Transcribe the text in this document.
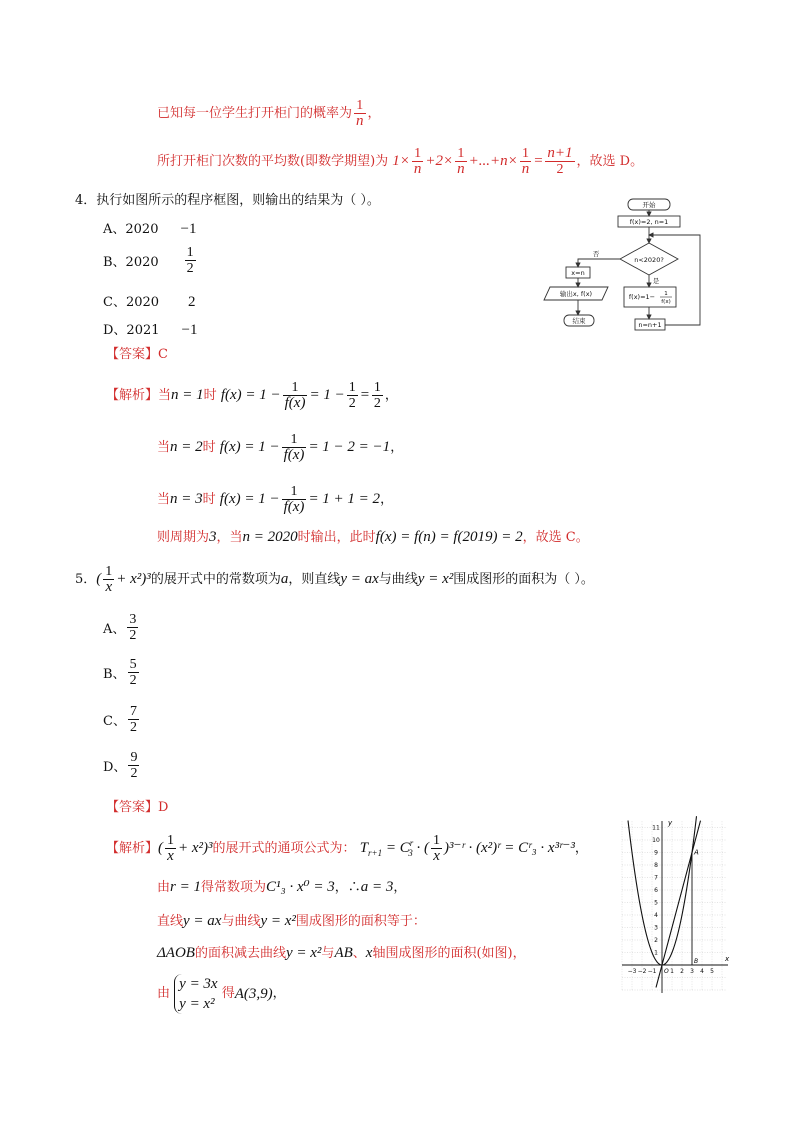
已知每一位学生打开柜门的概率为 $\frac{1}{n}$ ，
所打开柜门次数的平均数(即数学期望)为 $1\times \frac{1}{n} +2\times \frac{1}{n} +...+n\times \frac{1}{n} = \frac{n+1}{2}$ ，故选 D。
4．执行如图所示的程序框图，则输出的结果为（ ）。
A、2020 −1
B、$2020 \frac{1}{2}$
C、2020 2
D、2021 −1
开始
f(x)=2, n=1
n<2020?
否
是
x=n
输出x, f(x)
结束
f(x)=1− 1
f(x)
n=n+1
【答案】C
【解析】当n = 1时 $f(x) = 1 - \frac{1}{f(x)} = 1 - \frac{1}{2} = \frac{1}{2}$ ，
当n = 2时 $f(x) = 1 - \frac{1}{f(x)} = 1 - 2 = -1$，
当n = 3时 $f(x) = 1 - \frac{1}{f(x)} = 1 + 1 = 2$，
则周期为3，当n = 2020时输出，此时f(x) = f(n) = f(2019) = 2，故选 C。
5．( $\frac{1}{x} + x^2)^3$的展开式中的常数项为a，则直线y = ax与曲线y = x²围成图形的面积为（ ）。
A、 $\frac{3}{2}$
B、 $\frac{5}{2}$
C、 $\frac{7}{2}$
D、 $\frac{9}{2}$
【答案】D
【解析】( $\frac{1}{x} + x^2)^3$的展开式的通项公式为： $T_{r+1} = C^r_3$ · ( $\frac{1}{x}$ )³⁻ʳ · (x²)ʳ = Cʳ₃ · x³ʳ⁻³，
由r = 1得常数项为C¹₃ · x⁰ = 3，∴a = 3，
直线y = ax与曲线y = x²围成图形的面积等于：
ΔAOB的面积减去曲线y = x²与AB、x轴围成图形的面积(如图)，
由
y = 3x
y = x²
得A(3,9)，
1
2
3
4
5
6
7
8
9
10
11
−3 −2 −1 1 2 3 4 5
y
x
O
A
B
